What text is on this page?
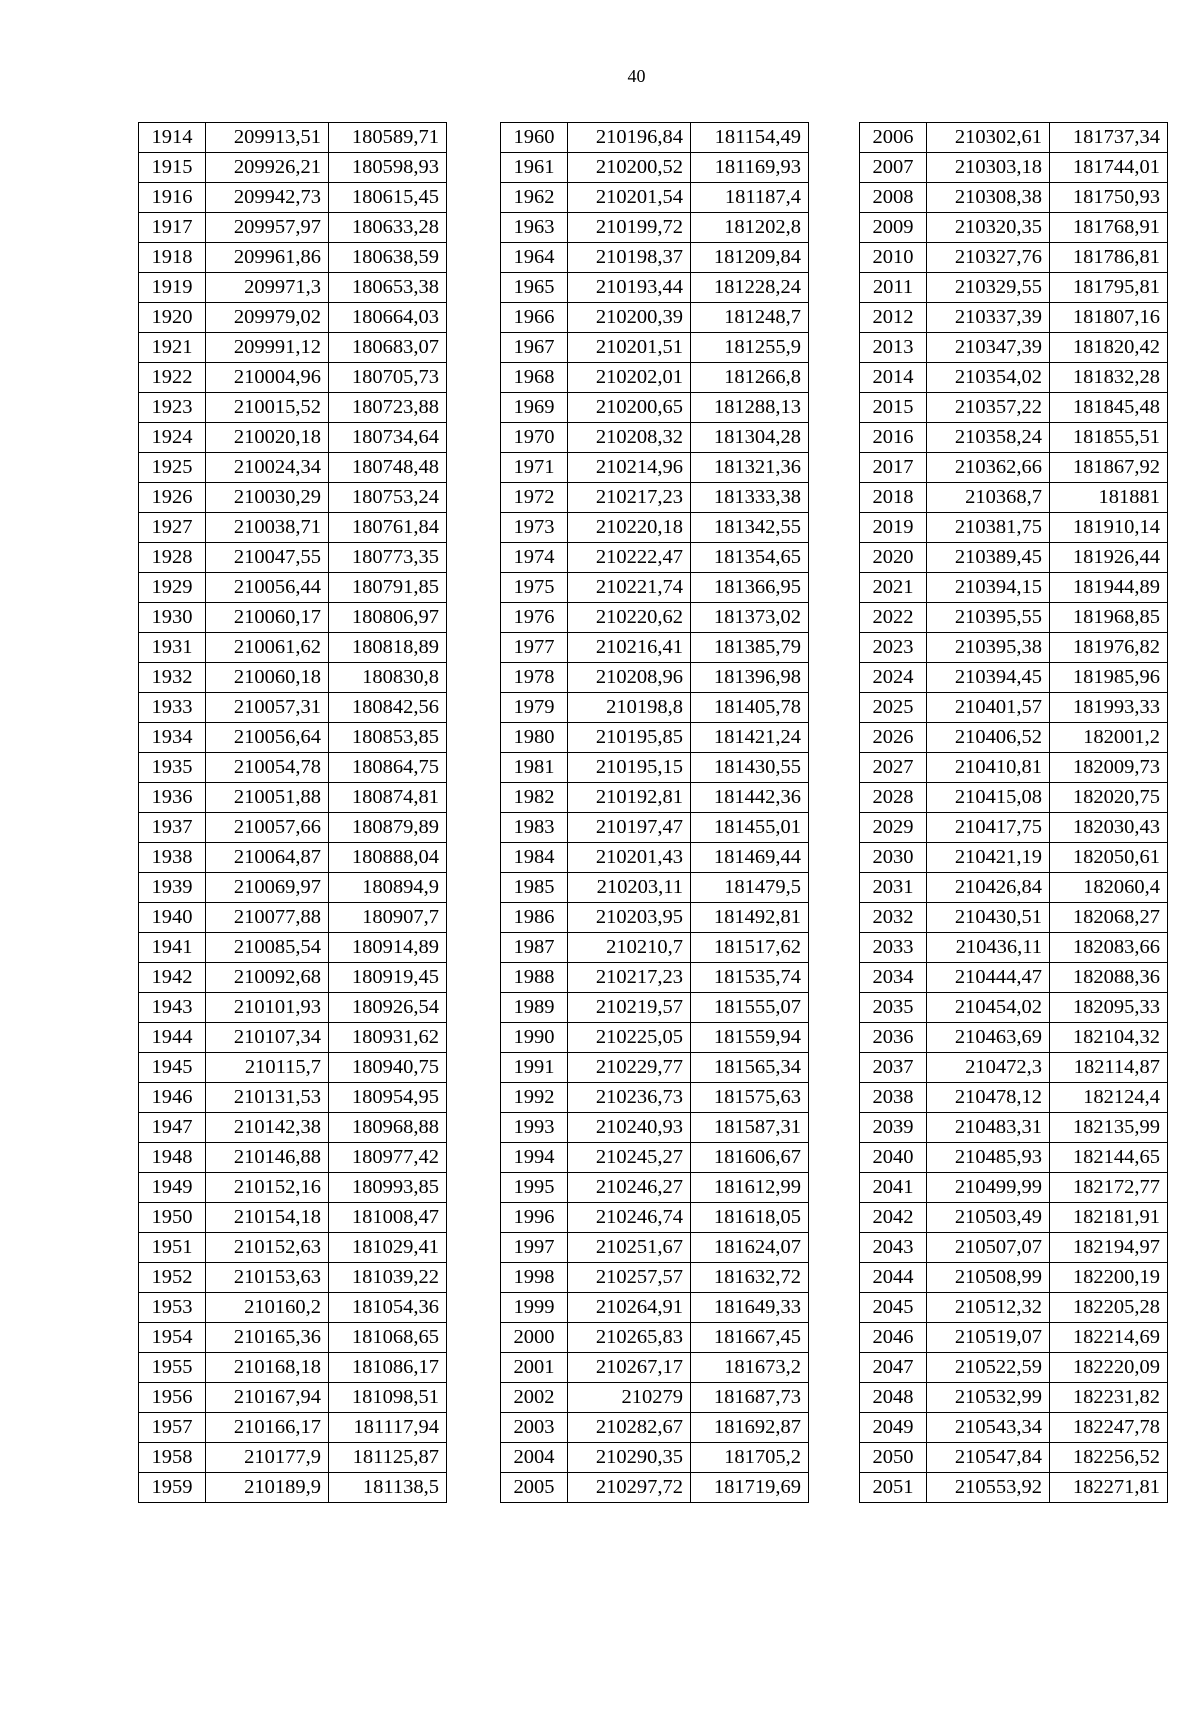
40
1914	209913,51	180589,71
1915	209926,21	180598,93
1916	209942,73	180615,45
1917	209957,97	180633,28
1918	209961,86	180638,59
1919	209971,3	180653,38
1920	209979,02	180664,03
1921	209991,12	180683,07
1922	210004,96	180705,73
1923	210015,52	180723,88
1924	210020,18	180734,64
1925	210024,34	180748,48
1926	210030,29	180753,24
1927	210038,71	180761,84
1928	210047,55	180773,35
1929	210056,44	180791,85
1930	210060,17	180806,97
1931	210061,62	180818,89
1932	210060,18	180830,8
1933	210057,31	180842,56
1934	210056,64	180853,85
1935	210054,78	180864,75
1936	210051,88	180874,81
1937	210057,66	180879,89
1938	210064,87	180888,04
1939	210069,97	180894,9
1940	210077,88	180907,7
1941	210085,54	180914,89
1942	210092,68	180919,45
1943	210101,93	180926,54
1944	210107,34	180931,62
1945	210115,7	180940,75
1946	210131,53	180954,95
1947	210142,38	180968,88
1948	210146,88	180977,42
1949	210152,16	180993,85
1950	210154,18	181008,47
1951	210152,63	181029,41
1952	210153,63	181039,22
1953	210160,2	181054,36
1954	210165,36	181068,65
1955	210168,18	181086,17
1956	210167,94	181098,51
1957	210166,17	181117,94
1958	210177,9	181125,87
1959	210189,9	181138,5
1960	210196,84	181154,49
1961	210200,52	181169,93
1962	210201,54	181187,4
1963	210199,72	181202,8
1964	210198,37	181209,84
1965	210193,44	181228,24
1966	210200,39	181248,7
1967	210201,51	181255,9
1968	210202,01	181266,8
1969	210200,65	181288,13
1970	210208,32	181304,28
1971	210214,96	181321,36
1972	210217,23	181333,38
1973	210220,18	181342,55
1974	210222,47	181354,65
1975	210221,74	181366,95
1976	210220,62	181373,02
1977	210216,41	181385,79
1978	210208,96	181396,98
1979	210198,8	181405,78
1980	210195,85	181421,24
1981	210195,15	181430,55
1982	210192,81	181442,36
1983	210197,47	181455,01
1984	210201,43	181469,44
1985	210203,11	181479,5
1986	210203,95	181492,81
1987	210210,7	181517,62
1988	210217,23	181535,74
1989	210219,57	181555,07
1990	210225,05	181559,94
1991	210229,77	181565,34
1992	210236,73	181575,63
1993	210240,93	181587,31
1994	210245,27	181606,67
1995	210246,27	181612,99
1996	210246,74	181618,05
1997	210251,67	181624,07
1998	210257,57	181632,72
1999	210264,91	181649,33
2000	210265,83	181667,45
2001	210267,17	181673,2
2002	210279	181687,73
2003	210282,67	181692,87
2004	210290,35	181705,2
2005	210297,72	181719,69
2006	210302,61	181737,34
2007	210303,18	181744,01
2008	210308,38	181750,93
2009	210320,35	181768,91
2010	210327,76	181786,81
2011	210329,55	181795,81
2012	210337,39	181807,16
2013	210347,39	181820,42
2014	210354,02	181832,28
2015	210357,22	181845,48
2016	210358,24	181855,51
2017	210362,66	181867,92
2018	210368,7	181881
2019	210381,75	181910,14
2020	210389,45	181926,44
2021	210394,15	181944,89
2022	210395,55	181968,85
2023	210395,38	181976,82
2024	210394,45	181985,96
2025	210401,57	181993,33
2026	210406,52	182001,2
2027	210410,81	182009,73
2028	210415,08	182020,75
2029	210417,75	182030,43
2030	210421,19	182050,61
2031	210426,84	182060,4
2032	210430,51	182068,27
2033	210436,11	182083,66
2034	210444,47	182088,36
2035	210454,02	182095,33
2036	210463,69	182104,32
2037	210472,3	182114,87
2038	210478,12	182124,4
2039	210483,31	182135,99
2040	210485,93	182144,65
2041	210499,99	182172,77
2042	210503,49	182181,91
2043	210507,07	182194,97
2044	210508,99	182200,19
2045	210512,32	182205,28
2046	210519,07	182214,69
2047	210522,59	182220,09
2048	210532,99	182231,82
2049	210543,34	182247,78
2050	210547,84	182256,52
2051	210553,92	182271,81
